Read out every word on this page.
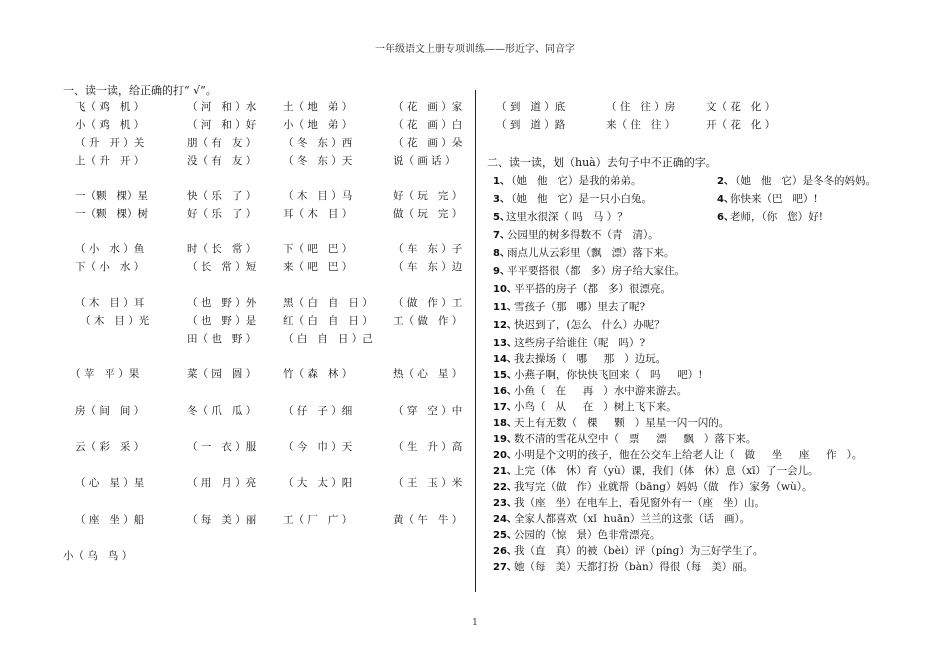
一年级语文上册专项训练——形近字、同音字
1
一、读一读，给正确的打“ √”。
飞（ 鸡   机 ）	（ 河   和 ）水	土（ 地   弟 ）	（ 花   画 ）家
小（ 鸡   机 ）	（ 河   和 ）好	小（ 地   弟 ）	（ 花   画 ）白
（ 升   开 ）关	朋（ 有   友 ）	（ 冬   东 ）西	（ 花   画 ）朵
上（ 升   开 ）	没（ 有   友 ）	（ 冬   东 ）天	说（ 画 话 ）
一（颗   棵）星	快（ 乐   了 ）	（ 木   目 ）马	好（ 玩   完 ）
一（颗   棵）树	好（ 乐   了 ）	耳（ 木   目 ）	做（ 玩   完 ）
（ 小   水 ）鱼	时（ 长   常 ）	下（ 吧   巴 ）	（ 车   东 ）子
下（ 小   水 ）	（ 长   常 ）短	来（ 吧   巴 ）	（ 车   东 ）边
（ 木   目 ）耳	（ 也   野 ）外	黑（ 白   自   日 ） （ 做   作 ）工
（ 木   目 ）光	（ 也   野 ）是	红（ 白   自   日 ） 工（ 做   作 ）
田（ 也   野 ）	（ 白   自   日 ）己
（ 苹   平 ）果	菜（ 园   圆 ）	竹（ 森   林 ）	热（ 心   星 ）
房（ 间   间 ）	冬（ 爪   瓜 ）	（ 仔   子 ）细	（ 穿   空 ）中
云（ 彩   采 ）	（ 一   衣 ）服	（ 今   巾 ）天	（ 生   升 ）高
（ 心   星 ）星	（ 用   月 ）亮	（ 大   太 ）阳	（ 王   玉 ）米
（ 座   坐 ）船	（ 每   美 ）丽	工（ 厂   广 ）	黄（ 午   牛 ）
小（ 乌   鸟 ）
二、读一读，划（huà）去句子中不正确的字。
（ 到   道 ）底	（ 住   往 ）房	文（ 花   化 ）
（ 到   道 ）路	来（ 住   往 ）	开（ 花   化 ）
1、
（她   他   它）是我的弟弟。	2、
（她   他   它）是冬冬的妈妈。
3、
（她   他   它）是一只小白兔。	4、
你快来（巴   吧）!
5、
这里水很深（ 吗   马 ）？	6、
老师，（你   您）好!
7、
公园里的树多得数不（青   清）。
8、
雨点儿从云彩里（飘   漂）落下来。
9、
平平要搭很（都   多）房子给大家住。
10、
平平搭的房子（都   多）很漂亮。
11、
雪孩子（那   哪）里去了呢?
12、
快迟到了，(怎么   什么）办呢？
13、
这些房子给谁住（呢   吗）?
14、
我去操场（   哪     那   ）边玩。
15、
小燕子啊，你快快飞回来（   吗     吧）!
16、
小鱼（   在     再   ）水中游来游去。
17、
小鸟（   从     在   ）树上飞下来。
18、
天上有无数（   棵     颗   ）星星一闪一闪的。
19、
数不清的雪花从空中（   票     漂     飘   ）落下来。
20、
小明是个文明的孩子，他在公交车上给老人让（   做     坐     座     作   ）。
21、
上完（体   休）育（yù）课，我们（体   休）息（xī）了一会儿。
22、
我写完（做   作）业就帮（bāng）妈妈（做   作）家务（wù）。
23、
我（座   坐）在电车上，看见窗外有一（座   坐）山。
24、
全家人都喜欢（xǐ  huān）兰兰的这张（话   画）。
25、
公园的（惊   景）色非常漂亮。
26、
我（直   真）的被（bèi）评（pínɡ）为三好学生了。
27、
她（每   美）天都打扮（bàn）得很（每   美）丽。
